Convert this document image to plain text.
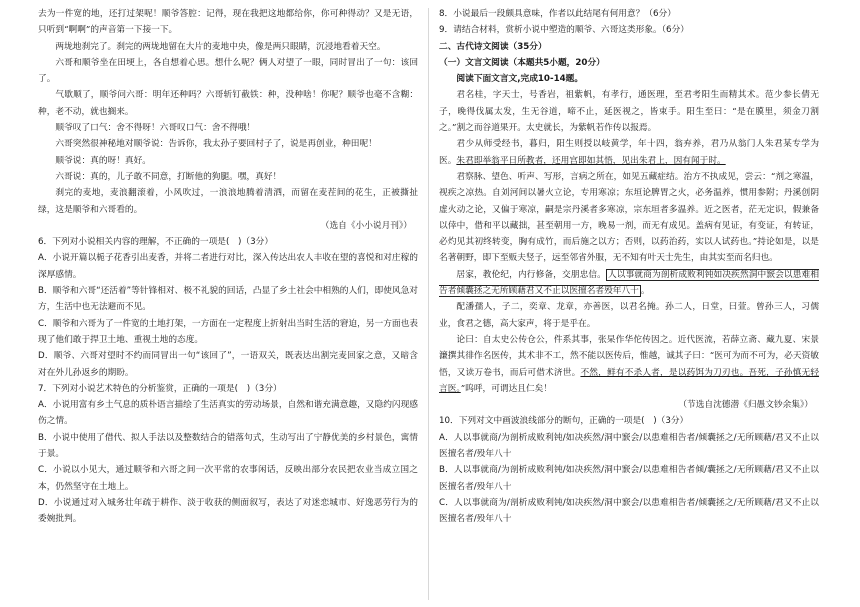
去为一件宽的地，还打过架呢！顺爷答腔：记得，现在我把这地都给你，你可种得动？又是无语，只听到“啊啊”的声音第一下接一下。

两垅地刹完了。刹完的两垅地留在大片的麦地中央，像是两只眼睛，沉浸地看着天空。

六哥和顺爷坐在田埂上，各自想着心思。想什么呢？俩人对望了一眼，同时冒出了一句：该回了。

气歇顺了，顺爷问六哥：明年还种吗？六哥斩钉截铁：种，没种啥！你呢？顺爷也毫不含糊：种，老不动，就也搁来。

顺爷叹了口气：舍不得呀！六哥叹口气：舍不得哦！

六哥突然很神秘地对顺爷说：告诉你，我太孙子要回村子了，说是再创业，种田呢！

顺爷说：真的呀！真好。

六哥说：真的，儿子敢不同意，打断他的狗腿。嘿，真好！

刹完的麦地，麦浪翻滚着，小风吹过，一浪浪地腾着清洒，而留在麦茬间的花生，正被撕扯绿，这是顺爷和六哥看的。

（选自《小小说月刊》）

6．下列对小说相关内容的理解，不正确的一项是(　)（3分）

A．小说开篇以栀子花香引出麦香，并将二者进行对比，深入传达出农人丰收在望的喜悦和对庄稼的深厚感情。

B．顺爷和六哥“还活着”等针锋相对、极不礼貌的回话，凸显了乡土社会中相熟的人们，即使风急对方，生活中也无法避而不见。

C．顺爷和六哥为了一件宽的土地打架，一方面在一定程度上折射出当时生活的窘迫，另一方面也表现了他们敢于捍卫土地、重视土地的态度。

D．顺爷、六哥对望时不约而同冒出一句“该回了”，一语双关，既表达出割完麦回家之意，又暗含对在外儿孙返乡的期盼。

7．下列对小说艺术特色的分析鉴赏，正确的一项是(　)（3分）

A．小说用富有乡土气息的质朴语言描绘了生活真实的劳动场景，自然和谐充满意趣，又隐约闪现感伤之情。

B．小说中使用了借代、拟人手法以及整数结合的错落句式，生动写出了宁静优美的乡村景色，寓情于景。

C．小说以小见大，通过顺爷和六哥之间一次平常的农事闲话，反映出部分农民把农业当成立国之本，仍然坚守在土地上。

D．小说通过对入城务壮年疏于耕作、淡于收获的侧面叙写，表达了对迷恋城市、好逸恶劳行为的委婉批判。

8．小说最后一段颇具意味，作者以此结尾有何用意？（6分）

9．请结合材料，赏析小说中塑造的顺爷、六哥这类形象。（6分）

二、古代诗文阅读（35分）

（一）文言文阅读（本题共5小题，20分）

阅读下面文言文,完成10-14题。

君名桂，字天士，号香岩，祖紫帆，有孝行，通医理，至君考阳生而精其术。范少参长倩无子，晚得伐属太发，生无谷道，啼不止，延医视之，皆束手。阳生至曰：“是在膜里，须金刀割之。”割之而谷道果开。太史就长，为紫帆若作传以报焉。

君少从师受经书，暮归，阳生则授以岐黄学，年十四，翁弃养，君乃从翁门人朱君某专学为医。朱君即举翁平日所教者，还用宫即如其悟，见出朱君上，因有闻于时。

君察脉、望色、听声、写形，言病之所在，如见五藏症结。治方不执成见，尝云：“剂之寒温，视疾之凉热。自刘河间以暑火立论，专用寒凉；东垣论脾胃之火，必务温养，惯用参附；丹溪创阴虚火动之论，又偏于寒凉，嗣是宗丹溪者多寒凉，宗东垣者多温养。近之医者，茫无定识，假兼备以倖中，借和平以藏拙，甚至朝用一方，晚易一剂，而无有成见。盖病有见证，有变证，有转证，必灼见其初终转变，胸有成竹，而后施之以方；否则，以药治药，实以人试药也。”持论如是，以是名著朝野，即下至贩夫竖子，远至邻省外服，无不知有叶天士先生，由其实至而名归也。

居家，教伦纪，内行修备，交朋忠信。 人以事就商为剖析成败利钝如决疾然洞中窾会以患难相告者倾囊拯之无所顾藉君又不止以医擅名者殁年八十 。

配潘孺人，子二，奕章、龙章，亦善医，以君名掩。孙二人，日堂，曰萱。曾孙三人，习儒业，食君之德，高大家声，将于是乎在。

论曰：自太史公传仓公，件系其事，张杲作华佗传因之。近代医流，若薛立斋、藏九夏、宋景濂撰其徘作名医传，其术非不工，然不能以医传后，惟越，诚其子曰：“医可为而不可为，必天资敏悟，又读万卷书，而后可借术济世。不然，鲜有不杀人者，是以药饵为刀刃也。吾死，子孙慎无轻言医。”呜呼，可谓达且仁矣！

（节选自沈德潜《归愚文钞余集》）

10．下列对文中画波浪线部分的断句，正确的一项是(　)（3分）

A．人以事就商/为剖析成败利钝/如决疾然/洞中窾会/以患难相告者/倾囊拯之/无所顾藉/君又不止以医擅名者/殁年八十

B．人以事就商/为剖析成败利钝/如决疾然/洞中窾会/以患难相告者倾/囊拯之/无所顾藉/君又不止以医擅名者/殁年八十

C．人以事就商为/剖析成败利钝/如决疾然/洞中窾会/以患难相告者/倾囊拯之/无所顾藉/君又不止以医擅名者/殁年八十
